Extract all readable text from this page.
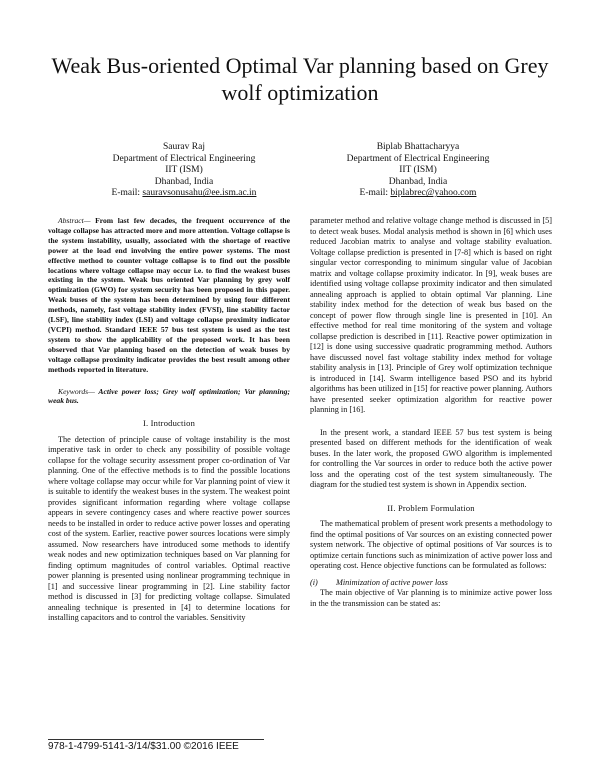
Weak Bus-oriented Optimal Var planning based on Grey wolf optimization
Saurav Raj
Department of Electrical Engineering
IIT (ISM)
Dhanbad, India
E-mail: sauravsonusahu@ee.ism.ac.in
Biplab Bhattacharyya
Department of Electrical Engineering
IIT (ISM)
Dhanbad, India
E-mail: biplabrec@yahoo.com

Abstract— From last few decades, the frequent occurrence of the voltage collapse has attracted more and more attention. Voltage collapse is the system instability, usually, associated with the shortage of reactive power at the load end involving the entire power systems. The most effective method to counter voltage collapse is to find out the possible locations where voltage collapse may occur i.e. to find the weakest buses existing in the system. Weak bus oriented Var planning by grey wolf optimization (GWO) for system security has been proposed in this paper. Weak buses of the system has been determined by using four different methods, namely, fast voltage stability index (FVSI), line stability factor (LSF), line stability index (LSI) and voltage collapse proximity indicator (VCPI) method. Standard IEEE 57 bus test system is used as the test system to show the applicability of the proposed work. It has been observed that Var planning based on the detection of weak buses by voltage collapse proximity indicator provides the best result among other methods reported in literature.

Keywords— Active power loss; Grey wolf optimization; Var planning; weak bus.

I. Introduction

The detection of principle cause of voltage instability is the most imperative task in order to check any possibility of possible voltage collapse for the voltage security assessment proper co-ordination of Var planning. One of the effective methods is to find the possible locations where voltage collapse may occur while for Var planning point of view it is suitable to identify the weakest buses in the system. The weakest point provides significant information regarding where voltage collapse appears in severe contingency cases and where reactive power sources needs to be installed in order to reduce active power losses and operating cost of the system. Earlier, reactive power sources locations were simply assumed. Now researchers have introduced some methods to identify weak nodes and new optimization techniques based on Var planning for finding optimum magnitudes of control variables. Optimal reactive power planning is presented using nonlinear programming technique in [1] and successive linear programming in [2]. Line stability factor method is discussed in [3] for predicting voltage collapse. Simulated annealing technique is presented in [4] to determine locations for installing capacitors and to control the variables. Sensitivity

parameter method and relative voltage change method is discussed in [5] to detect weak buses. Modal analysis method is shown in [6] which uses reduced Jacobian matrix to analyse and voltage stability evaluation. Voltage collapse prediction is presented in [7-8] which is based on right singular vector corresponding to minimum singular value of Jacobian matrix and voltage collapse proximity indicator. In [9], weak buses are identified using voltage collapse proximity indicator and then simulated annealing approach is applied to obtain optimal Var planning. Line stability index method for the detection of weak bus based on the concept of power flow through single line is presented in [10]. An effective method for real time monitoring of the system and voltage collapse prediction is described in [11]. Reactive power optimization in [12] is done using successive quadratic programming method. Authors have discussed novel fast voltage stability index method for voltage stability analysis in [13]. Principle of Grey wolf optimization technique is introduced in [14]. Swarm intelligence based PSO and its hybrid algorithms has been utilized in [15] for reactive power planning. Authors have presented seeker optimization algorithm for reactive power planning in [16].

In the present work, a standard IEEE 57 bus test system is being presented based on different methods for the identification of weak buses. In the later work, the proposed GWO algorithm is implemented for controlling the Var sources in order to reduce both the active power loss and the operating cost of the test system simultaneously. The diagram for the studied test system is shown in Appendix section.

II. Problem Formulation

The mathematical problem of present work presents a methodology to find the optimal positions of Var sources on an existing connected power system network. The objective of optimal positions of Var sources is to optimize certain functions such as minimization of active power loss and operating cost. Hence objective functions can be formulated as follows:

(i) Minimization of active power loss

The main objective of Var planning is to minimize active power loss in the the transmission can be stated as:

978-1-4799-5141-3/14/$31.00 ©2016 IEEE
